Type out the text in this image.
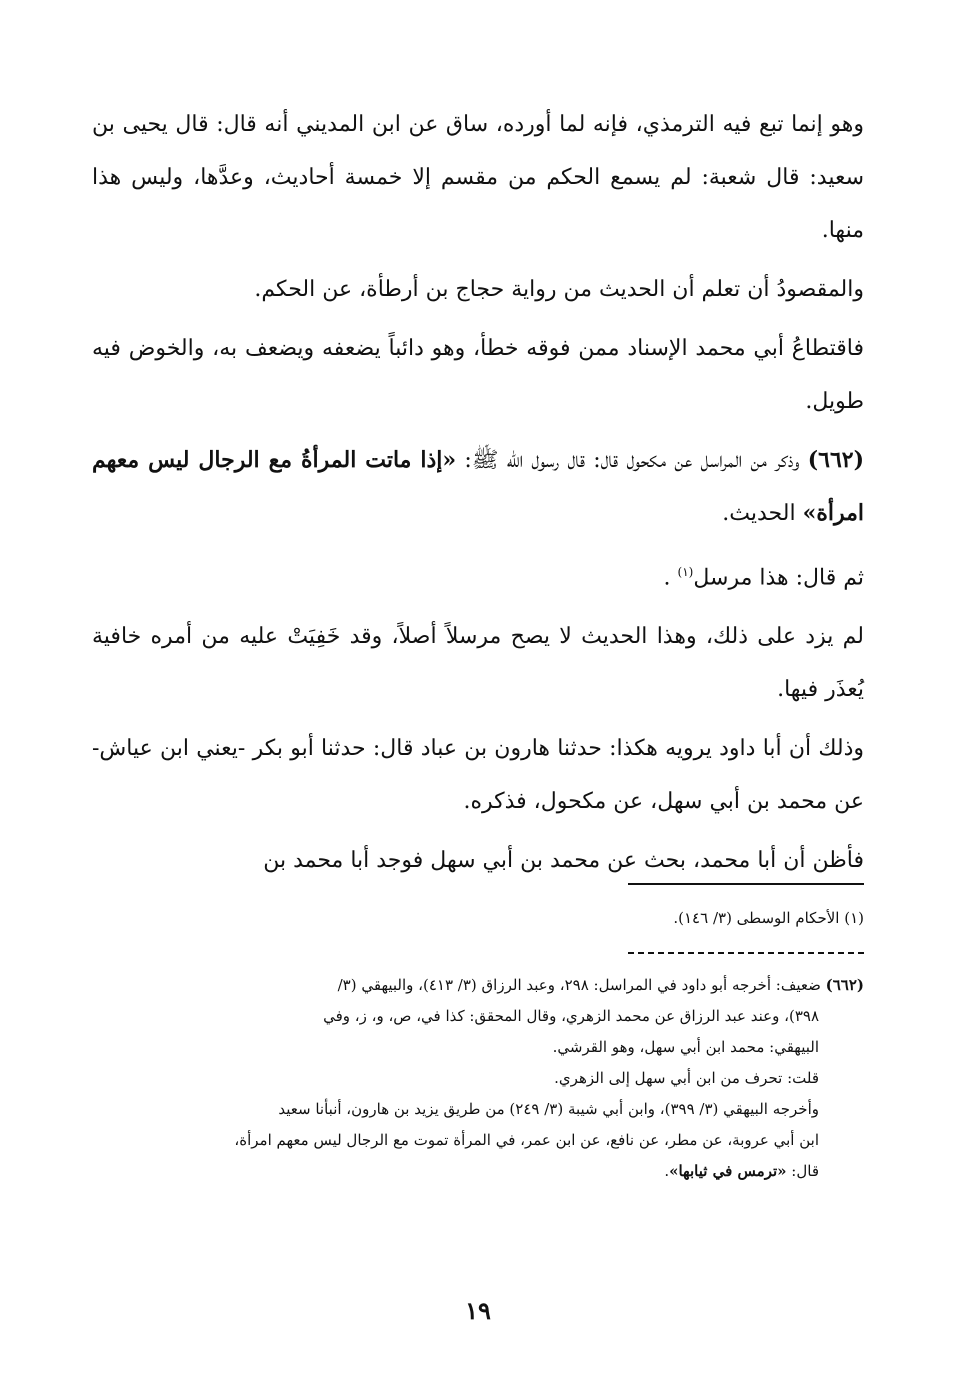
وهو إنما تبع فيه الترمذي، فإنه لما أورده، ساق عن ابن المديني أنه قال: قال يحيى بن سعيد: قال شعبة: لم يسمع الحكم من مقسم إلا خمسة أحاديث، وعدَّها، وليس هذا منها.

والمقصودُ أن تعلم أن الحديث من رواية حجاج بن أرطأة، عن الحكم.

فاقتطاعُ أبي محمد الإسناد ممن فوقه خطأ، وهو دائباً يضعفه ويضعف به، والخوض فيه طويل.

(٦٦٢) وذكر من المراسل عن مكحول قال: قال رسول الله ﷺ: «إذا ماتت المرأةُ مع الرجال ليس معهم امرأة» الحديث.

ثم قال: هذا مرسل$^{(١)}$ .

لم يزد على ذلك، وهذا الحديث لا يصح مرسلاً أصلاً، وقد خَفِيَتْ عليه من أمره خافية يُعذَر فيها.

وذلك أن أبا داود يرويه هكذا: حدثنا هارون بن عباد قال: حدثنا أبو بكر -يعني ابن عياش- عن محمد بن أبي سهل، عن مكحول، فذكره.

فأظن أن أبا محمد، بحث عن محمد بن أبي سهل فوجد أبا محمد بن

(١) الأحكام الوسطى (٣/ ١٤٦).

(٦٦٢) ضعيف: أخرجه أبو داود في المراسل: ٢٩٨، وعبد الرزاق (٣/ ٤١٣)، والبيهقي (٣/

٣٩٨)، وعند عبد الرزاق عن محمد الزهري، وقال المحقق: كذا في، ص، و، ز، وفي

البيهقي: محمد ابن أبي سهل، وهو القرشي.

قلت: تحرف من ابن أبي سهل إلى الزهري.

وأخرجه البيهقي (٣/ ٣٩٩)، وابن أبي شيبة (٣/ ٢٤٩) من طريق يزيد بن هارون، أنبأنا سعيد

ابن أبي عروبة، عن مطر، عن نافع، عن ابن عمر، في المرأة تموت مع الرجال ليس معهم امرأة،

قال: «ترمس في ثيابها».

١٩
